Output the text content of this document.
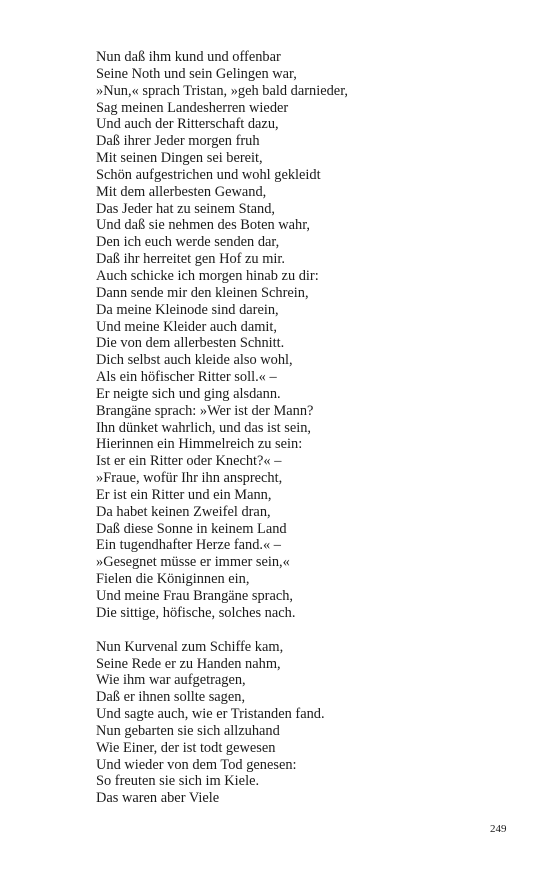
Nun daß ihm kund und offenbar
Seine Noth und sein Gelingen war,
»Nun,« sprach Tristan, »geh bald darnieder,
Sag meinen Landesherren wieder
Und auch der Ritterschaft dazu,
Daß ihrer Jeder morgen fruh
Mit seinen Dingen sei bereit,
Schön aufgestrichen und wohl gekleidt
Mit dem allerbesten Gewand,
Das Jeder hat zu seinem Stand,
Und daß sie nehmen des Boten wahr,
Den ich euch werde senden dar,
Daß ihr herreitet gen Hof zu mir.
Auch schicke ich morgen hinab zu dir:
Dann sende mir den kleinen Schrein,
Da meine Kleinode sind darein,
Und meine Kleider auch damit,
Die von dem allerbesten Schnitt.
Dich selbst auch kleide also wohl,
Als ein höfischer Ritter soll.« –
Er neigte sich und ging alsdann.
Brangäne sprach: »Wer ist der Mann?
Ihn dünket wahrlich, und das ist sein,
Hierinnen ein Himmelreich zu sein:
Ist er ein Ritter oder Knecht?« –
»Fraue, wofür Ihr ihn ansprecht,
Er ist ein Ritter und ein Mann,
Da habet keinen Zweifel dran,
Daß diese Sonne in keinem Land
Ein tugendhafter Herze fand.« –
»Gesegnet müsse er immer sein,«
Fielen die Königinnen ein,
Und meine Frau Brangäne sprach,
Die sittige, höfische, solches nach.
Nun Kurvenal zum Schiffe kam,
Seine Rede er zu Handen nahm,
Wie ihm war aufgetragen,
Daß er ihnen sollte sagen,
Und sagte auch, wie er Tristanden fand.
Nun gebarten sie sich allzuhand
Wie Einer, der ist todt gewesen
Und wieder von dem Tod genesen:
So freuten sie sich im Kiele.
Das waren aber Viele
249
